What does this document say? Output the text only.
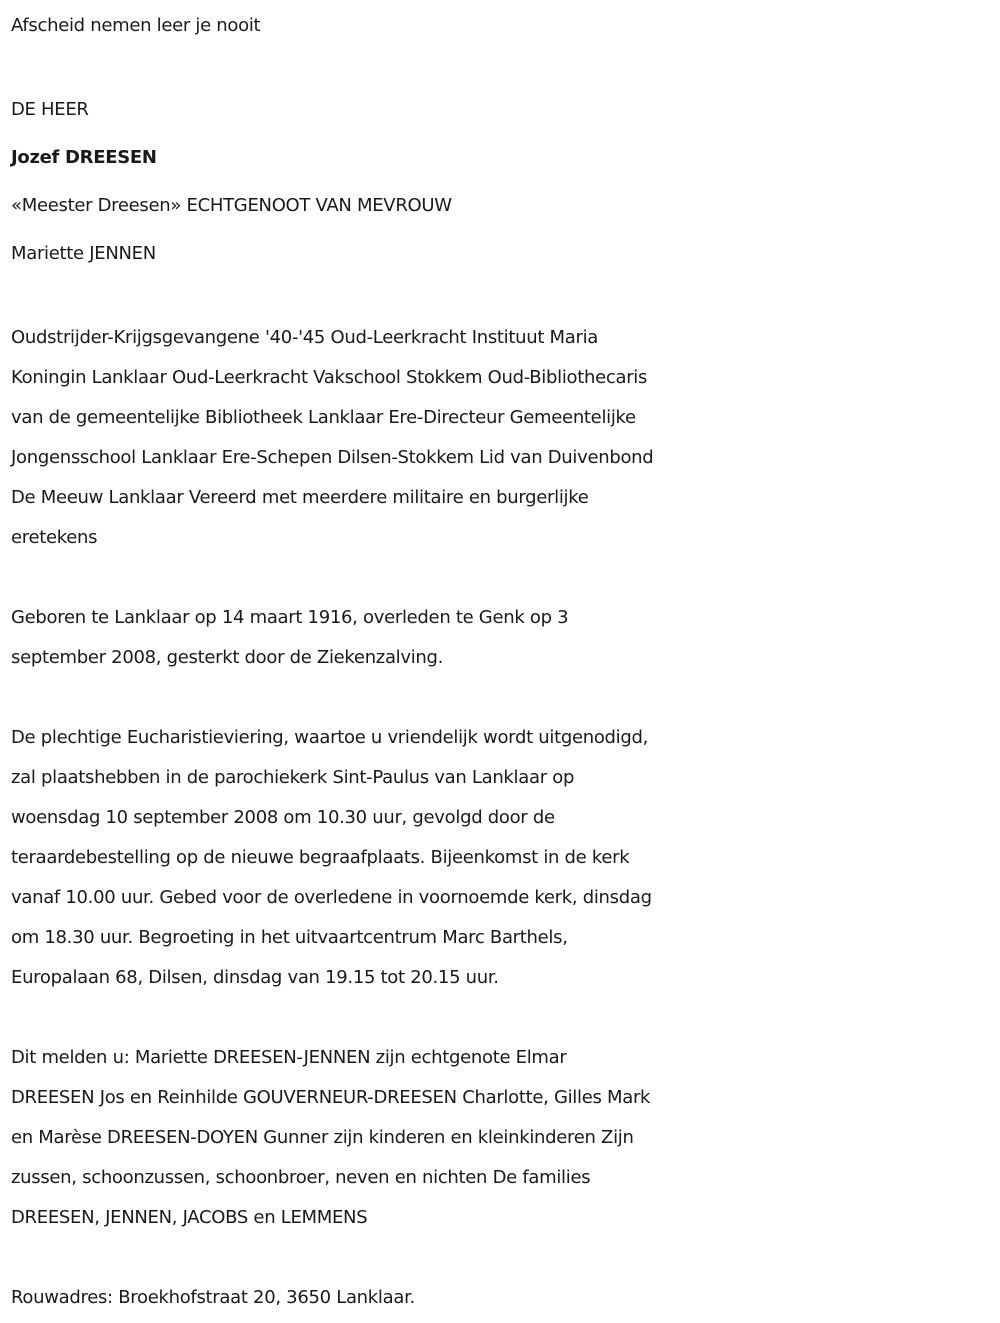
Afscheid nemen leer je nooit
DE HEER
Jozef DREESEN
«Meester Dreesen» ECHTGENOOT VAN MEVROUW
Mariette JENNEN
Oudstrijder-Krijgsgevangene '40-'45 Oud-Leerkracht Instituut Maria
Koningin Lanklaar Oud-Leerkracht Vakschool Stokkem Oud-Bibliothecaris
van de gemeentelijke Bibliotheek Lanklaar Ere-Directeur Gemeentelijke
Jongensschool Lanklaar Ere-Schepen Dilsen-Stokkem Lid van Duivenbond
De Meeuw Lanklaar Vereerd met meerdere militaire en burgerlijke
eretekens
Geboren te Lanklaar op 14 maart 1916, overleden te Genk op 3
september 2008, gesterkt door de Ziekenzalving.
De plechtige Eucharistieviering, waartoe u vriendelijk wordt uitgenodigd,
zal plaatshebben in de parochiekerk Sint-Paulus van Lanklaar op
woensdag 10 september 2008 om 10.30 uur, gevolgd door de
teraardebestelling op de nieuwe begraafplaats. Bijeenkomst in de kerk
vanaf 10.00 uur. Gebed voor de overledene in voornoemde kerk, dinsdag
om 18.30 uur. Begroeting in het uitvaartcentrum Marc Barthels,
Europalaan 68, Dilsen, dinsdag van 19.15 tot 20.15 uur.
Dit melden u: Mariette DREESEN-JENNEN zijn echtgenote Elmar
DREESEN Jos en Reinhilde GOUVERNEUR-DREESEN Charlotte, Gilles Mark
en Marèse DREESEN-DOYEN Gunner zijn kinderen en kleinkinderen Zijn
zussen, schoonzussen, schoonbroer, neven en nichten De families
DREESEN, JENNEN, JACOBS en LEMMENS
Rouwadres: Broekhofstraat 20, 3650 Lanklaar.
